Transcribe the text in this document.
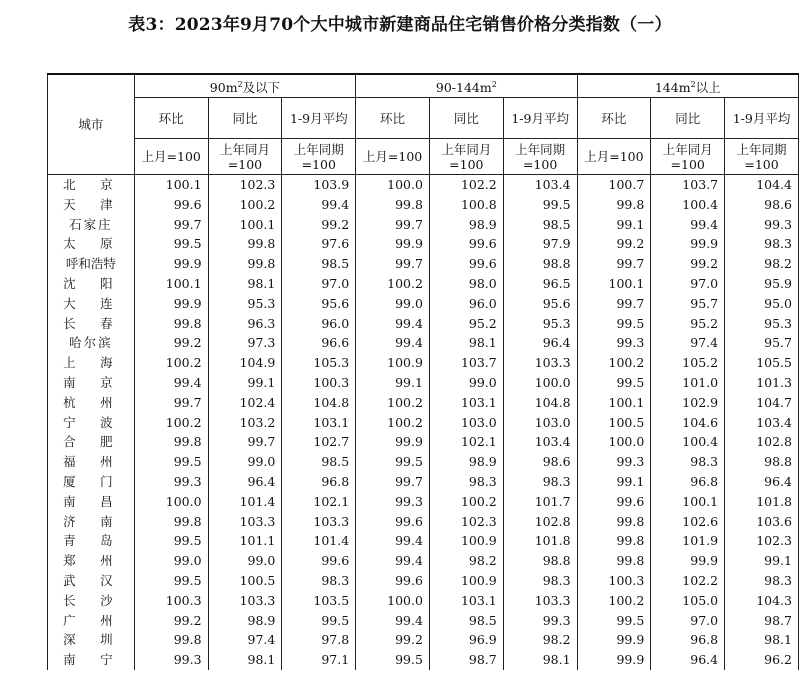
表3：2023年9月70个大中城市新建商品住宅销售价格分类指数（一）
城市	$90m^2$及以下			$90-144m^2$			$144m^2$以上		
	环比	同比	1-9月平均	环比	同比	1-9月平均	环比	同比	1-9月平均
	上月=100	上年同月=100	上年同期=100	上月=100	上年同月=100	上年同期=100	上月=100	上年同月=100	上年同期=100
北　京	100.1	102.3	103.9	100.0	102.2	103.4	100.7	103.7	104.4
天　津	99.6	100.2	99.4	99.8	100.8	99.5	99.8	100.4	98.6
石家庄	99.7	100.1	99.2	99.7	98.9	98.5	99.1	99.4	99.3
太　原	99.5	99.8	97.6	99.9	99.6	97.9	99.2	99.9	98.3
呼和浩特	99.9	99.8	98.5	99.7	99.6	98.8	99.7	99.2	98.2
沈　阳	100.1	98.1	97.0	100.2	98.0	96.5	100.1	97.0	95.9
大　连	99.9	95.3	95.6	99.0	96.0	95.6	99.7	95.7	95.0
长　春	99.8	96.3	96.0	99.4	95.2	95.3	99.5	95.2	95.3
哈尔滨	99.2	97.3	96.6	99.4	98.1	96.4	99.3	97.4	95.7
上　海	100.2	104.9	105.3	100.9	103.7	103.3	100.2	105.2	105.5
南　京	99.4	99.1	100.3	99.1	99.0	100.0	99.5	101.0	101.3
杭　州	99.7	102.4	104.8	100.2	103.1	104.8	100.1	102.9	104.7
宁　波	100.2	103.2	103.1	100.2	103.0	103.0	100.5	104.6	103.4
合　肥	99.8	99.7	102.7	99.9	102.1	103.4	100.0	100.4	102.8
福　州	99.5	99.0	98.5	99.5	98.9	98.6	99.3	98.3	98.8
厦　门	99.3	96.4	96.8	99.7	98.3	98.3	99.1	96.8	96.4
南　昌	100.0	101.4	102.1	99.3	100.2	101.7	99.6	100.1	101.8
济　南	99.8	103.3	103.3	99.6	102.3	102.8	99.8	102.6	103.6
青　岛	99.5	101.1	101.4	99.4	100.9	101.8	99.8	101.9	102.3
郑　州	99.0	99.0	99.6	99.4	98.2	98.8	99.8	99.9	99.1
武　汉	99.5	100.5	98.3	99.6	100.9	98.3	100.3	102.2	98.3
长　沙	100.3	103.3	103.5	100.0	103.1	103.3	100.2	105.0	104.3
广　州	99.2	98.9	99.5	99.4	98.5	99.3	99.5	97.0	98.7
深　圳	99.8	97.4	97.8	99.2	96.9	98.2	99.9	96.8	98.1
南　宁	99.3	98.1	97.1	99.5	98.7	98.1	99.9	96.4	96.2
